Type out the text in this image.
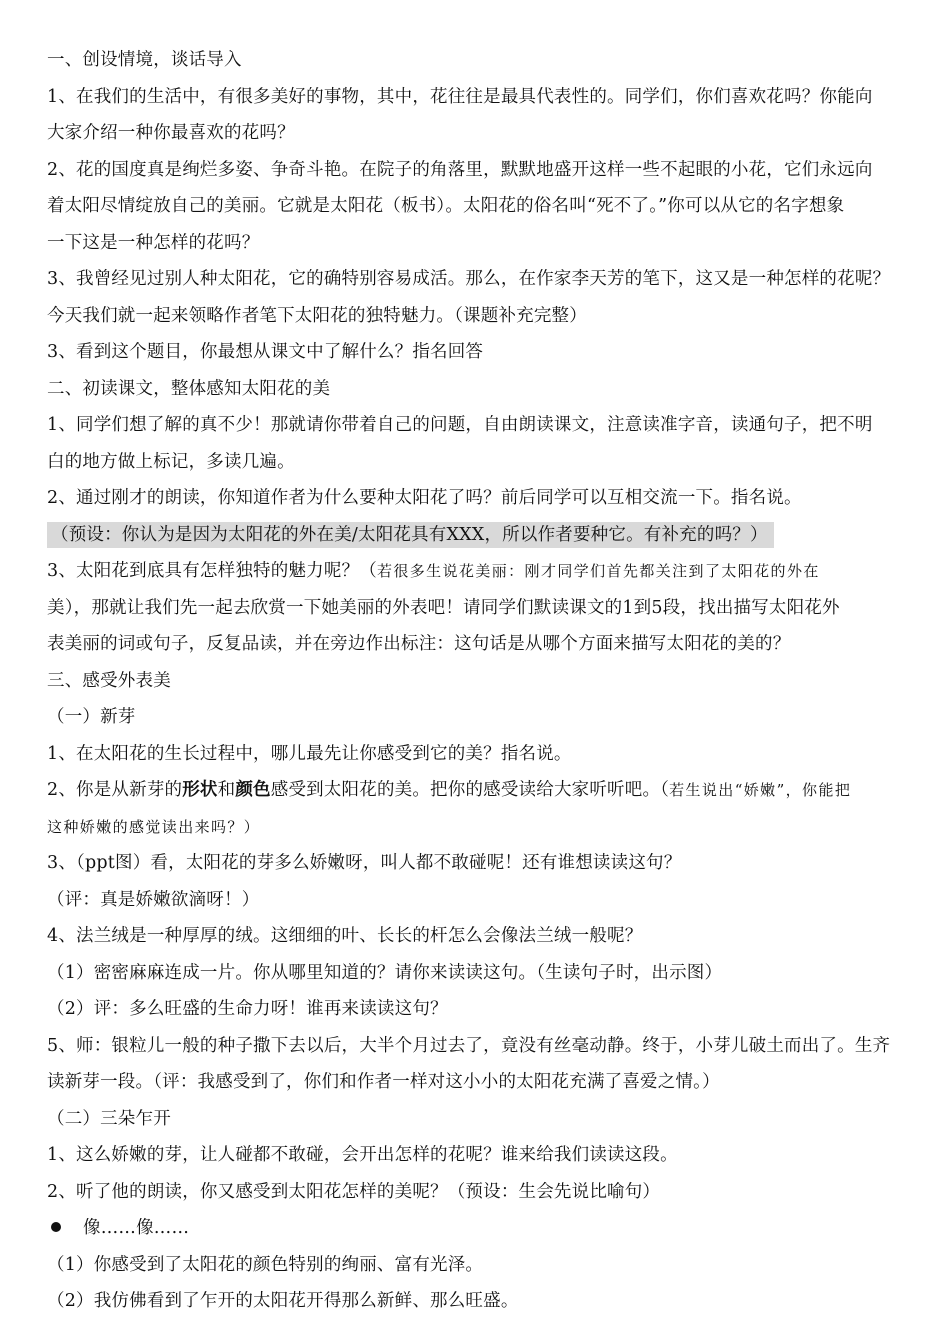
一、创设情境，谈话导入
1、在我们的生活中，有很多美好的事物，其中，花往往是最具代表性的。同学们，你们喜欢花吗？你能向
大家介绍一种你最喜欢的花吗？
2、花的国度真是绚烂多姿、争奇斗艳。在院子的角落里，默默地盛开这样一些不起眼的小花，它们永远向
着太阳尽情绽放自己的美丽。它就是太阳花（板书）。太阳花的俗名叫“死不了。”你可以从它的名字想象
一下这是一种怎样的花吗？
3、我曾经见过别人种太阳花，它的确特别容易成活。那么，在作家李天芳的笔下，这又是一种怎样的花呢？
今天我们就一起来领略作者笔下太阳花的独特魅力。（课题补充完整）
3、看到这个题目，你最想从课文中了解什么？指名回答
二、初读课文，整体感知太阳花的美
1、同学们想了解的真不少！那就请你带着自己的问题，自由朗读课文，注意读准字音，读通句子，把不明
白的地方做上标记，多读几遍。
2、通过刚才的朗读，你知道作者为什么要种太阳花了吗？前后同学可以互相交流一下。指名说。
（预设：你认为是因为太阳花的外在美/太阳花具有XXX，所以作者要种它。有补充的吗？）
3、太阳花到底具有怎样独特的魅力呢？（若很多生说花美丽：刚才同学们首先都关注到了太阳花的外在
美），那就让我们先一起去欣赏一下她美丽的外表吧！请同学们默读课文的1到5段，找出描写太阳花外
表美丽的词或句子，反复品读，并在旁边作出标注：这句话是从哪个方面来描写太阳花的美的？
三、感受外表美
（一）新芽
1、在太阳花的生长过程中，哪儿最先让你感受到它的美？指名说。
2、你是从新芽的形状和颜色感受到太阳花的美。把你的感受读给大家听听吧。（若生说出“娇嫩”，你能把
这种娇嫩的感觉读出来吗？）
3、（ppt图）看，太阳花的芽多么娇嫩呀，叫人都不敢碰呢！还有谁想读读这句？
（评：真是娇嫩欲滴呀！）
4、法兰绒是一种厚厚的绒。这细细的叶、长长的杆怎么会像法兰绒一般呢？
（1）密密麻麻连成一片。你从哪里知道的？请你来读读这句。（生读句子时，出示图）
（2）评：多么旺盛的生命力呀！谁再来读读这句？
5、师：银粒儿一般的种子撒下去以后，大半个月过去了，竟没有丝毫动静。终于，小芽儿破土而出了。生齐
读新芽一段。（评：我感受到了，你们和作者一样对这小小的太阳花充满了喜爱之情。）
（二）三朵乍开
1、这么娇嫩的芽，让人碰都不敢碰，会开出怎样的花呢？谁来给我们读读这段。
2、听了他的朗读，你又感受到太阳花怎样的美呢？（预设：生会先说比喻句）
像……像……
（1）你感受到了太阳花的颜色特别的绚丽、富有光泽。
（2）我仿佛看到了乍开的太阳花开得那么新鲜、那么旺盛。
